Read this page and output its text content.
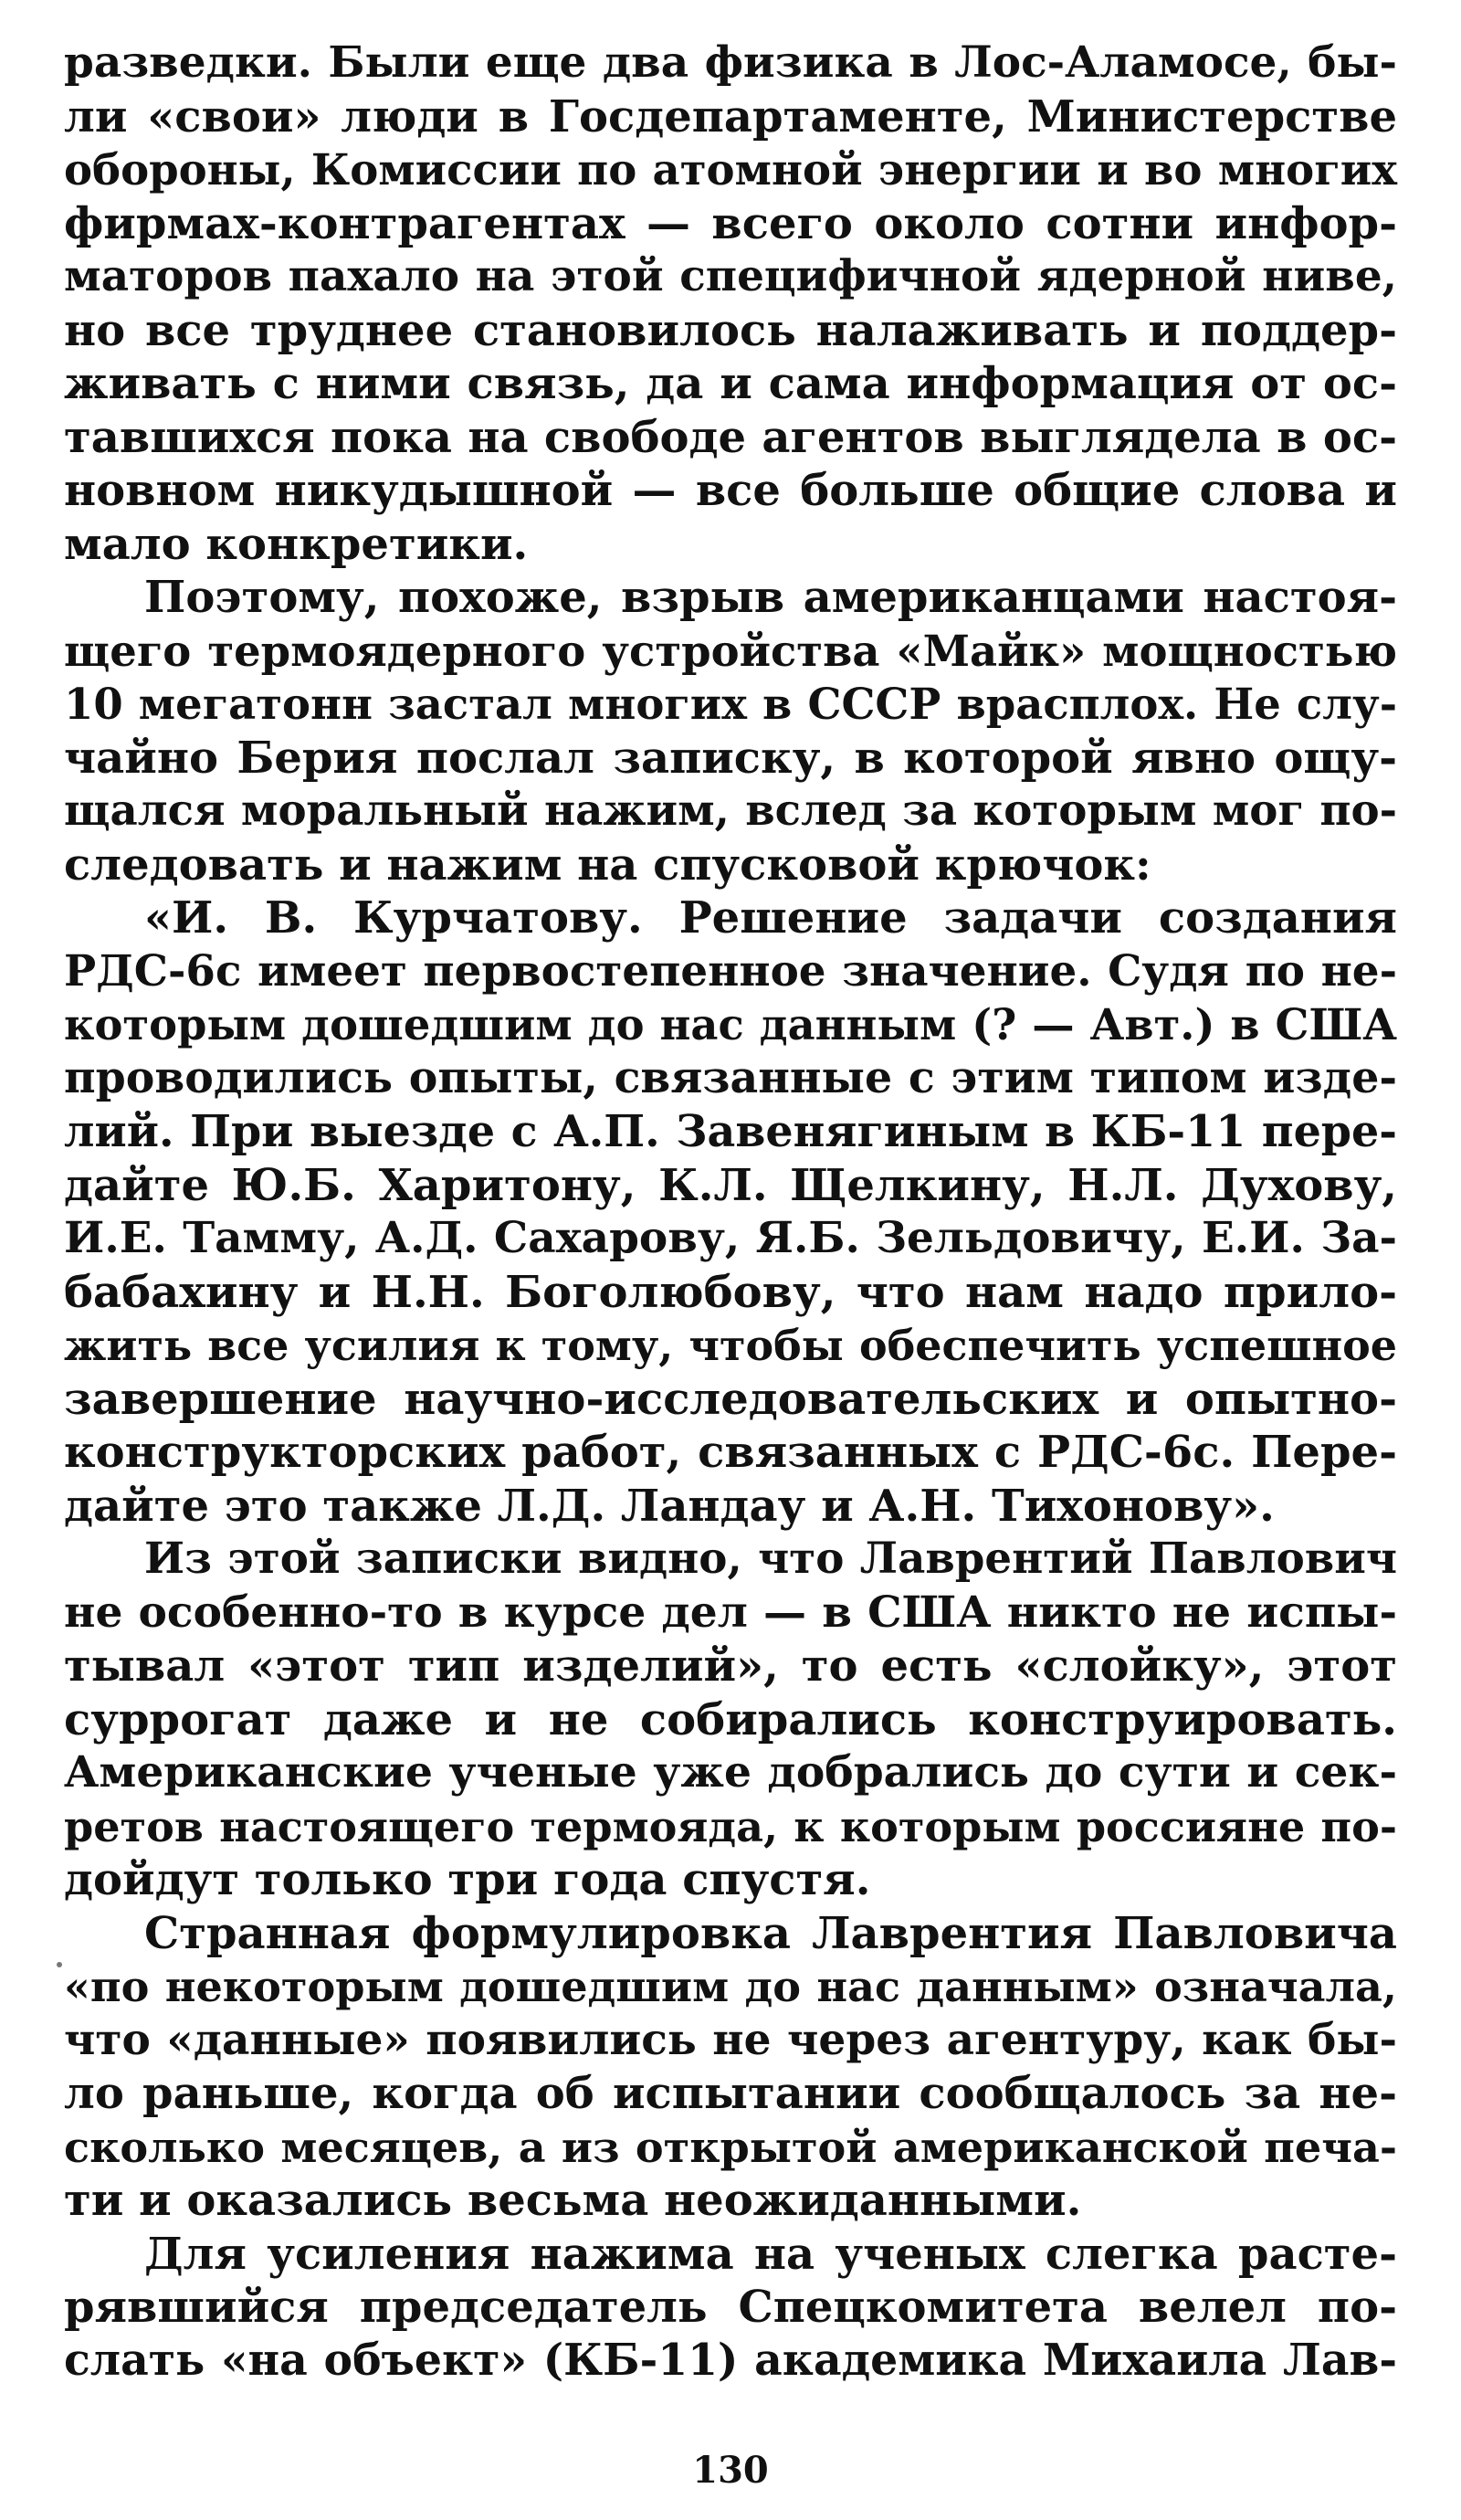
разведки. Были еще два физика в Лос-Аламосе, бы-
ли «свои» люди в Госдепартаменте, Министерстве
обороны, Комиссии по атомной энергии и во многих
фирмах-контрагентах — всего около сотни инфор-
маторов пахало на этой специфичной ядерной ниве,
но все труднее становилось налаживать и поддер-
живать с ними связь, да и сама информация от ос-
тавшихся пока на свободе агентов выглядела в ос-
новном никудышной — все больше общие слова и
мало конкретики.
Поэтому, похоже, взрыв американцами настоя-
щего термоядерного устройства «Майк» мощностью
10 мегатонн застал многих в СССР врасплох. Не слу-
чайно Берия послал записку, в которой явно ощу-
щался моральный нажим, вслед за которым мог по-
следовать и нажим на спусковой крючок:
«И. В. Курчатову. Решение задачи создания
РДС-6с имеет первостепенное значение. Судя по не-
которым дошедшим до нас данным (? — Авт.) в США
проводились опыты, связанные с этим типом изде-
лий. При выезде с А.П. Завенягиным в КБ-11 пере-
дайте Ю.Б. Харитону, К.Л. Щелкину, Н.Л. Духову,
И.Е. Тамму, А.Д. Сахарову, Я.Б. Зельдовичу, Е.И. За-
бабахину и Н.Н. Боголюбову, что нам надо прило-
жить все усилия к тому, чтобы обеспечить успешное
завершение научно-исследовательских и опытно-
конструкторских работ, связанных с РДС-6с. Пере-
дайте это также Л.Д. Ландау и А.Н. Тихонову».
Из этой записки видно, что Лаврентий Павлович
не особенно-то в курсе дел — в США никто не испы-
тывал «этот тип изделий», то есть «слойку», этот
суррогат даже и не собирались конструировать.
Американские ученые уже добрались до сути и сек-
ретов настоящего термояда, к которым россияне по-
дойдут только три года спустя.
Странная формулировка Лаврентия Павловича
«по некоторым дошедшим до нас данным» означала,
что «данные» появились не через агентуру, как бы-
ло раньше, когда об испытании сообщалось за не-
сколько месяцев, а из открытой американской печа-
ти и оказались весьма неожиданными.
Для усиления нажима на ученых слегка расте-
рявшийся председатель Спецкомитета велел по-
слать «на объект» (КБ-11) академика Михаила Лав-
130
